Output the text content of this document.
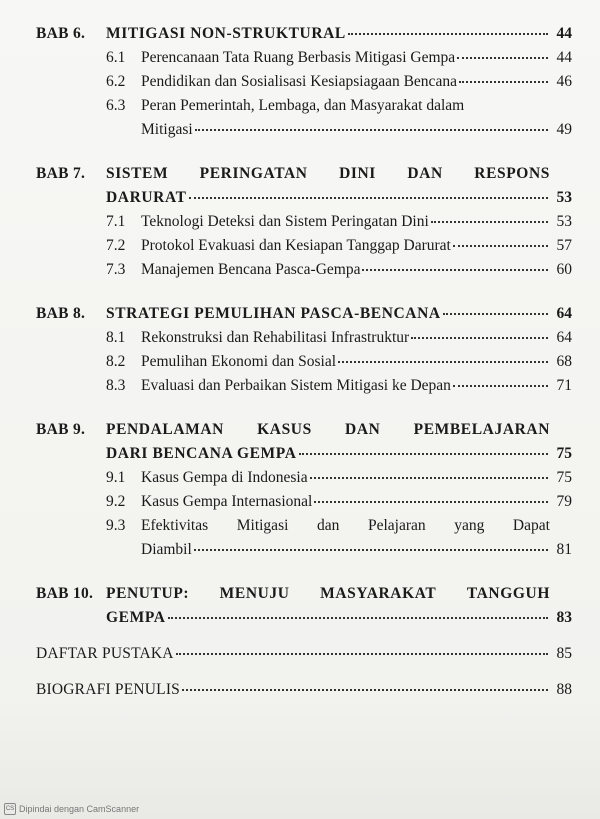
BAB 6.	MITIGASI NON-STRUKTURAL	44
6.1	Perencanaan Tata Ruang Berbasis Mitigasi Gempa	44
6.2	Pendidikan dan Sosialisasi Kesiapsiagaan Bencana	46
6.3	Peran Pemerintah, Lembaga, dan Masyarakat dalam
Mitigasi	49
BAB 7.	SISTEM PERINGATAN DINI DAN RESPONS
DARURAT	53
7.1	Teknologi Deteksi dan Sistem Peringatan Dini	53
7.2	Protokol Evakuasi dan Kesiapan Tanggap Darurat	57
7.3	Manajemen Bencana Pasca-Gempa	60
BAB 8.	STRATEGI PEMULIHAN PASCA-BENCANA	64
8.1	Rekonstruksi dan Rehabilitasi Infrastruktur	64
8.2	Pemulihan Ekonomi dan Sosial	68
8.3	Evaluasi dan Perbaikan Sistem Mitigasi ke Depan	71
BAB 9.	PENDALAMAN KASUS DAN PEMBELAJARAN
DARI BENCANA GEMPA	75
9.1	Kasus Gempa di Indonesia	75
9.2	Kasus Gempa Internasional	79
9.3	Efektivitas Mitigasi dan Pelajaran yang Dapat
Diambil	81
BAB 10. PENUTUP: MENUJU MASYARAKAT TANGGUH
GEMPA	83
DAFTAR PUSTAKA	85
BIOGRAFI PENULIS	88
CS Dipindai dengan CamScanner
